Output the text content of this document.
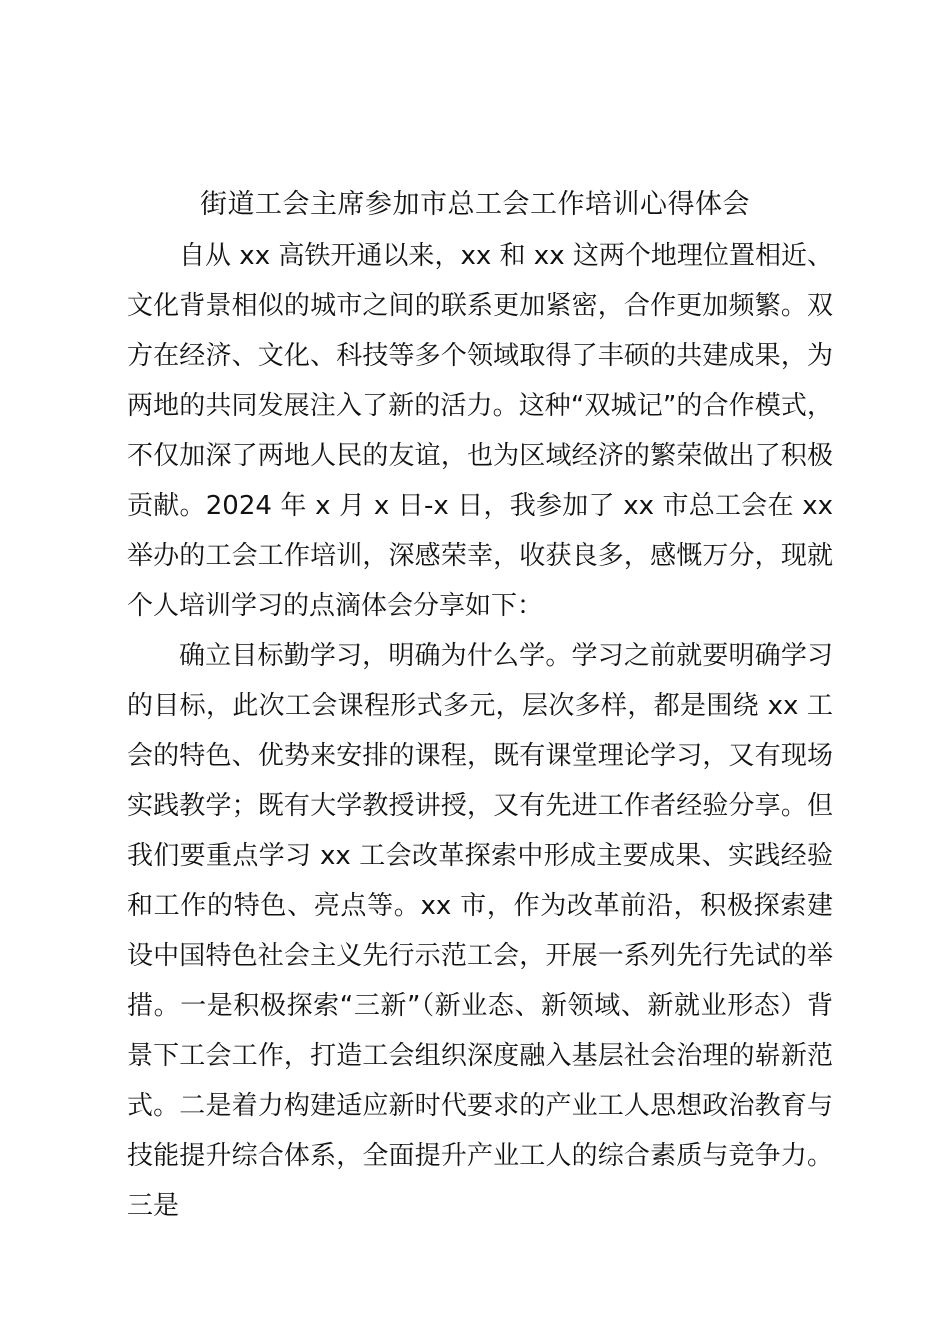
街道工会主席参加市总工会工作培训心得体会

自从 xx 高铁开通以来，xx 和 xx 这两个地理位置相近、文化背景相似的城市之间的联系更加紧密，合作更加频繁。双方在经济、文化、科技等多个领域取得了丰硕的共建成果，为两地的共同发展注入了新的活力。这种“双城记”的合作模式，不仅加深了两地人民的友谊，也为区域经济的繁荣做出了积极贡献。2024 年 x 月 x 日-x 日，我参加了 xx 市总工会在 xx 举办的工会工作培训，深感荣幸，收获良多，感慨万分，现就个人培训学习的点滴体会分享如下：

确立目标勤学习，明确为什么学。学习之前就要明确学习的目标，此次工会课程形式多元，层次多样，都是围绕 xx 工会的特色、优势来安排的课程，既有课堂理论学习，又有现场实践教学；既有大学教授讲授，又有先进工作者经验分享。但我们要重点学习 xx 工会改革探索中形成主要成果、实践经验和工作的特色、亮点等。xx 市，作为改革前沿，积极探索建设中国特色社会主义先行示范工会，开展一系列先行先试的举措。一是积极探索“三新”（新业态、新领域、新就业形态）背景下工会工作，打造工会组织深度融入基层社会治理的崭新范式。二是着力构建适应新时代要求的产业工人思想政治教育与技能提升综合体系，全面提升产业工人的综合素质与竞争力。三是
